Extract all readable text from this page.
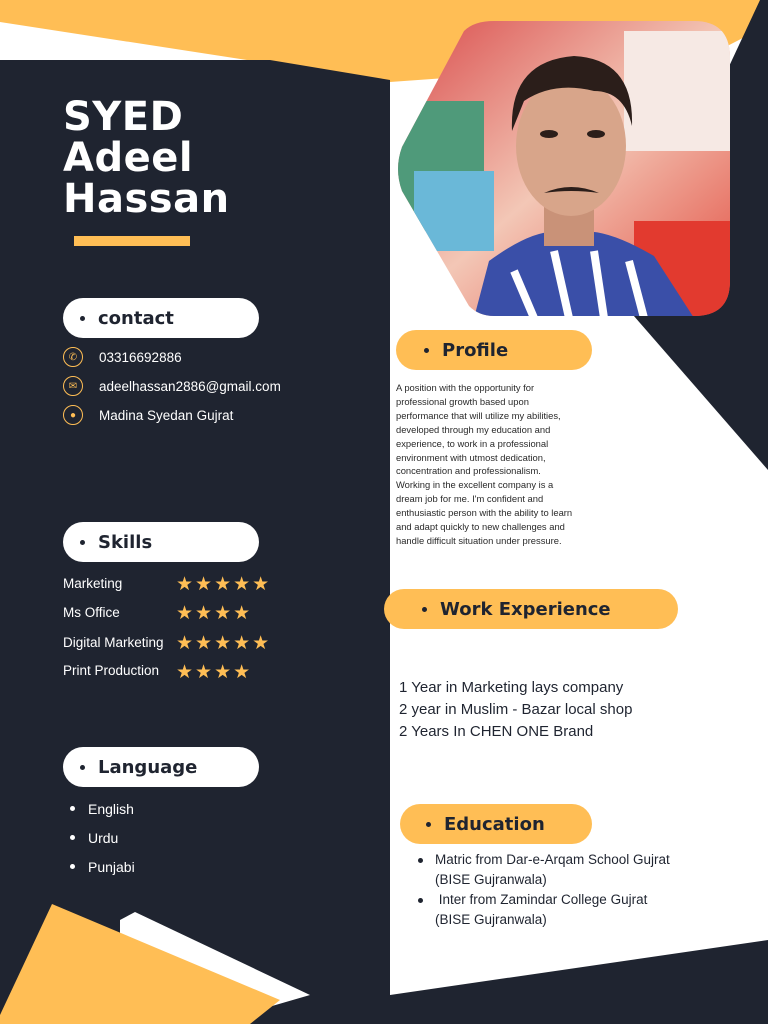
SYED
Adeel
Hassan
contact
✆	03316692886
✉	adeelhassan2886@gmail.com
●	Madina Syedan Gujrat
Skills
Marketing	★★★★★
Ms Office	★★★★
Digital Marketing ★★★★★
Print Production ★★★★
Language
English
Urdu
Punjabi
Profile
A position with the opportunity for
professional growth based upon
performance that will utilize my abilities,
developed through my education and
experience, to work in a professional
environment with utmost dedication,
concentration and professionalism.
Working in the excellent company is a
dream job for me. I'm confident and
enthusiastic person with the ability to learn
and adapt quickly to new challenges and
handle difficult situation under pressure.
Work Experience
1 Year in Marketing lays company
2 year in Muslim - Bazar local shop
2 Years In CHEN ONE Brand
Education
Matric from Dar-e-Arqam School Gujrat
(BISE Gujranwala)
Inter from Zamindar College Gujrat
(BISE Gujranwala)
